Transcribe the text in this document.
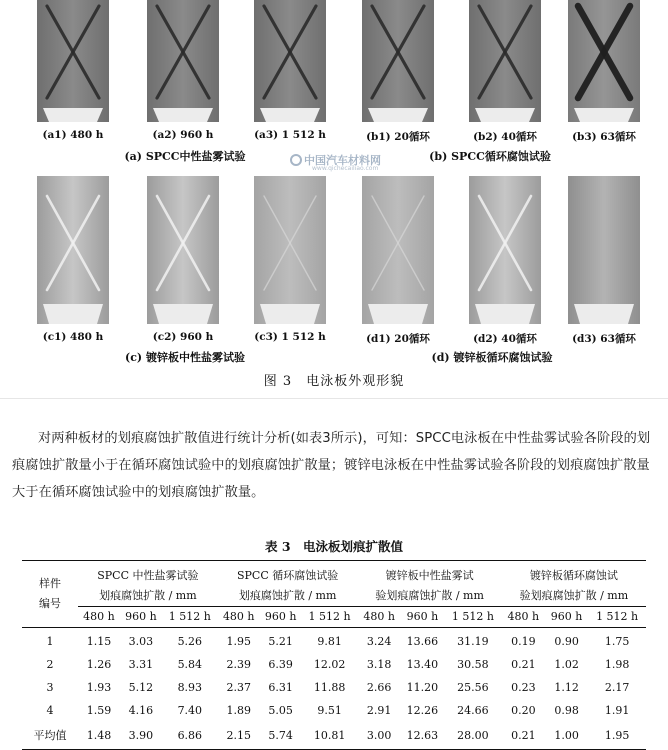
(a1) 480 h	(a2) 960 h	(a3) 1 512 h	(b1) 20循环	(b2) 40循环	(b3) 63循环
(a) SPCC中性盐雾试验	(b) SPCC循环腐蚀试验
(c1) 480 h	(c2) 960 h	(c3) 1 512 h	(d1) 20循环	(d2) 40循环	(d3) 63循环
(c) 镀锌板中性盐雾试验	(d) 镀锌板循环腐蚀试验
中国汽车材料网
www.qichecailiao.com
图 3　电泳板外观形貌
对两种板材的划痕腐蚀扩散值进行统计分析(如表3所示)，可知：SPCC电泳板在中性盐雾试验各阶段的划痕腐蚀扩散量小于在循环腐蚀试验中的划痕腐蚀扩散量；镀锌电泳板在中性盐雾试验各阶段的划痕腐蚀扩散量大于在循环腐蚀试验中的划痕腐蚀扩散量。
表 3　电泳板划痕扩散值
样件
编号	SPCC 中性盐雾试验			SPCC 循环腐蚀试验			镀锌板中性盐雾试			镀锌板循环腐蚀试		
	划痕腐蚀扩散 / mm			划痕腐蚀扩散 / mm			验划痕腐蚀扩散 / mm			验划痕腐蚀扩散 / mm		
	480 h	960 h	1 512 h	480 h	960 h	1 512 h	480 h	960 h	1 512 h	480 h	960 h	1 512 h
1	1.15	3.03	5.26	1.95	5.21	9.81	3.24	13.66	31.19	0.19	0.90	1.75
2	1.26	3.31	5.84	2.39	6.39	12.02	3.18	13.40	30.58	0.21	1.02	1.98
3	1.93	5.12	8.93	2.37	6.31	11.88	2.66	11.20	25.56	0.23	1.12	2.17
4	1.59	4.16	7.40	1.89	5.05	9.51	2.91	12.26	24.66	0.20	0.98	1.91
平均值	1.48	3.90	6.86	2.15	5.74	10.81	3.00	12.63	28.00	0.21	1.00	1.95
